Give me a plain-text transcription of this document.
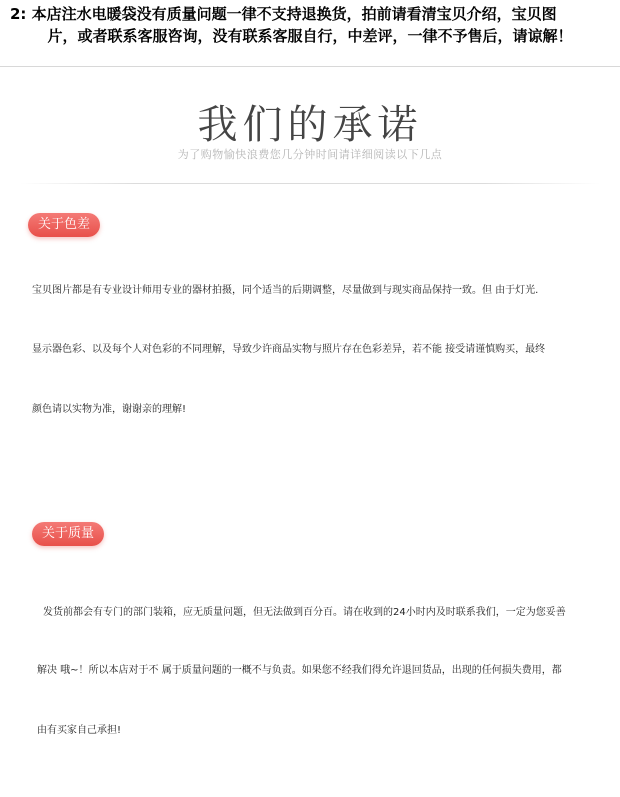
2: 本店注水电暖袋没有质量问题一律不支持退换货，拍前请看清宝贝介绍，宝贝图
片，或者联系客服咨询，没有联系客服自行，中差评，一律不予售后，请谅解！
我们的承诺
为了购物愉快浪费您几分钟时间请详细阅读以下几点
关于色差
宝贝图片都是有专业设计师用专业的器材拍摄，同个适当的后期调整，尽量做到与现实商品保持一致。但 由于灯光.
显示器色彩、以及每个人对色彩的不同理解，导致少许商品实物与照片存在色彩差异，若不能 接受请谨慎购买，最终
颜色请以实物为准，谢谢亲的理解!
关于质量
发货前都会有专门的部门装箱，应无质量问题，但无法做到百分百。请在收到的24小时内及时联系我们，一定为您妥善
解决 哦~！所以本店对于不 属于质量问题的一概不与负责。如果您不经我们得允许退回货品，出现的任何损失费用，都
由有买家自己承担!
